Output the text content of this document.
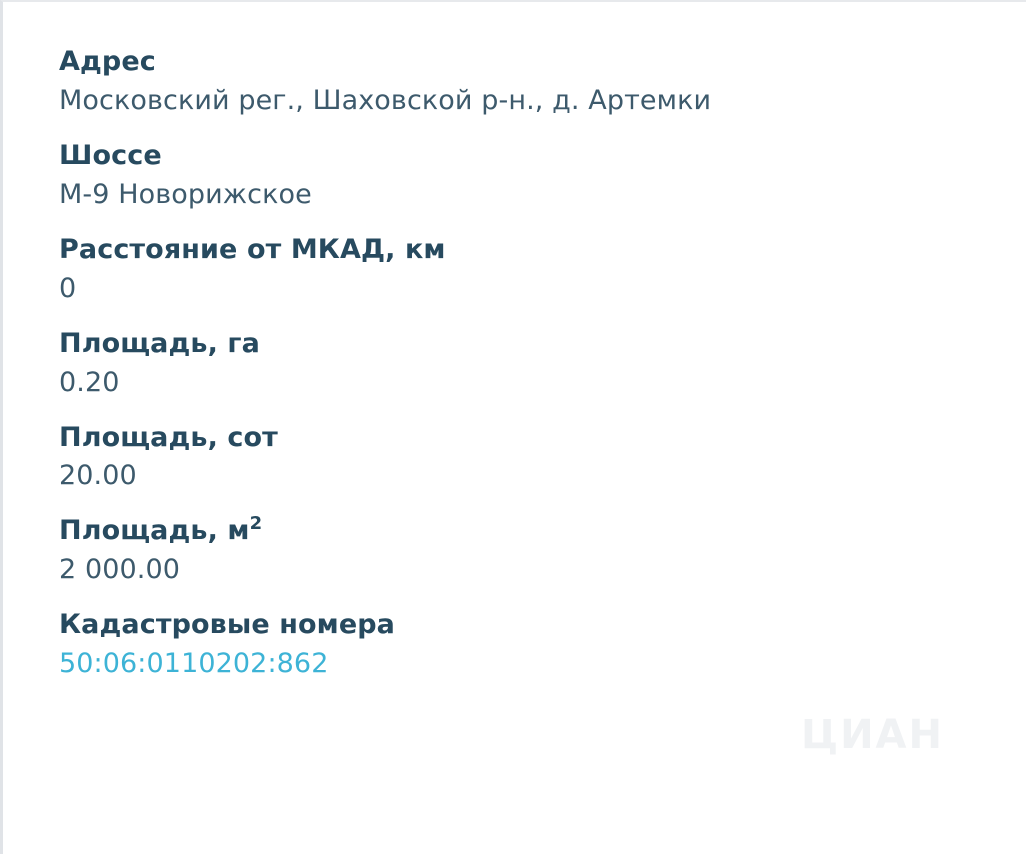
Адрес
Московский рег., Шаховской р-н., д. Артемки
Шоссе
М-9 Новорижское
Расстояние от МКАД, км
0
Площадь, га
0.20
Площадь, сот
20.00
Площадь, $м^2$
2 000.00
Кадастровые номера
50:06:0110202:862
ЦИАН
